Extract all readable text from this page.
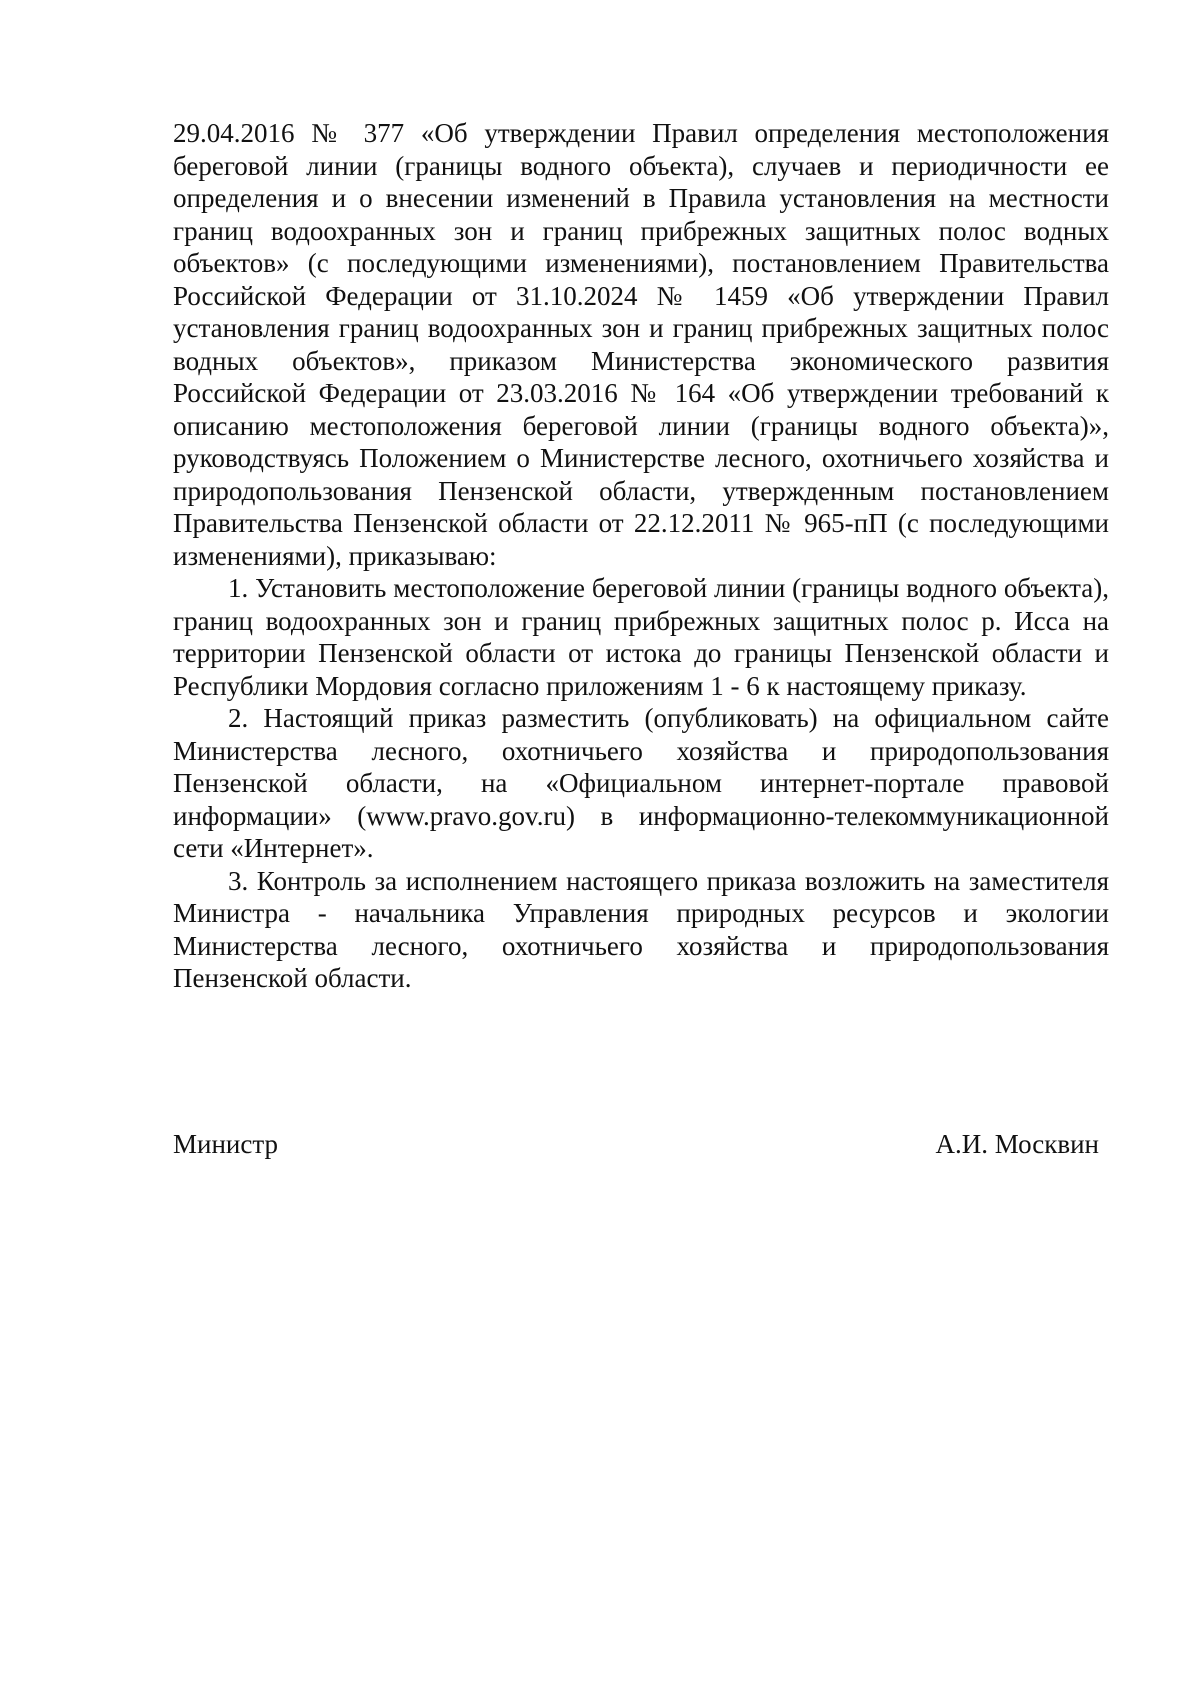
29.04.2016 № 377 «Об утверждении Правил определения местоположения береговой линии (границы водного объекта), случаев и периодичности ее определения и о внесении изменений в Правила установления на местности границ водоохранных зон и границ прибрежных защитных полос водных объектов» (с последующими изменениями), постановлением Правительства Российской Федерации от 31.10.2024 № 1459 «Об утверждении Правил установления границ водоохранных зон и границ прибрежных защитных полос водных объектов», приказом Министерства экономического развития Российской Федерации от 23.03.2016 № 164 «Об утверждении требований к описанию местоположения береговой линии (границы водного объекта)», руководствуясь Положением о Министерстве лесного, охотничьего хозяйства и природопользования Пензенской области, утвержденным постановлением Правительства Пензенской области от 22.12.2011 № 965-пП (с последующими изменениями), приказываю:

1. Установить местоположение береговой линии (границы водного объекта), границ водоохранных зон и границ прибрежных защитных полос р. Исса на территории Пензенской области от истока до границы Пензенской области и Республики Мордовия согласно приложениям 1 - 6 к настоящему приказу.

2. Настоящий приказ разместить (опубликовать) на официальном сайте Министерства лесного, охотничьего хозяйства и природопользования Пензенской области, на «Официальном интернет-портале правовой информации» (www.pravo.gov.ru) в информационно-телекоммуникационной сети «Интернет».

3. Контроль за исполнением настоящего приказа возложить на заместителя Министра - начальника Управления природных ресурсов и экологии Министерства лесного, охотничьего хозяйства и природопользования Пензенской области.

Министр	А.И. Москвин
